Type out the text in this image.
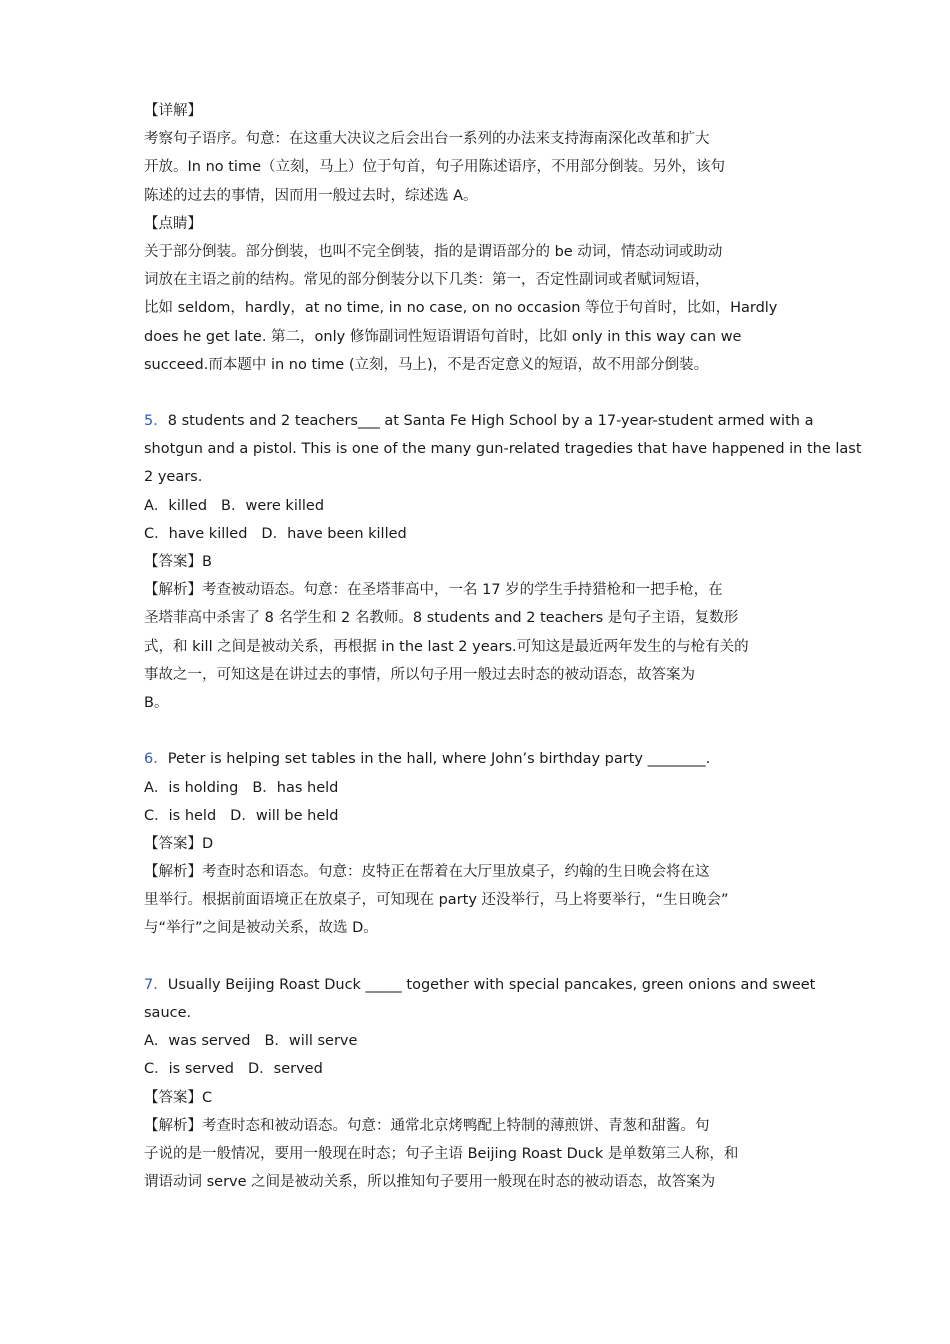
【详解】
考察句子语序。句意：在这重大决议之后会出台一系列的办法来支持海南深化改革和扩大
开放。In no time（立刻，马上）位于句首，句子用陈述语序，不用部分倒装。另外，该句
陈述的过去的事情，因而用一般过去时，综述选 A。
【点睛】
关于部分倒装。部分倒装，也叫不完全倒装，指的是谓语部分的 be 动词，情态动词或助动
词放在主语之前的结构。常见的部分倒装分以下几类：第一，否定性副词或者赋词短语，
比如 seldom，hardly，at no time, in no case, on no occasion 等位于句首时，比如，Hardly
does he get late. 第二，only 修饰副词性短语谓语句首时，比如 only in this way can we
succeed.而本题中 in no time (立刻，马上)，不是否定意义的短语，故不用部分倒装。
5．8 students and 2 teachers___ at Santa Fe High School by a 17-year-student armed with a
shotgun and a pistol. This is one of the many gun-related tragedies that have happened in the last
2 years.
A．killed B．were killed
C．have killed D．have been killed
【答案】B
【解析】考查被动语态。句意：在圣塔菲高中，一名 17 岁的学生手持猎枪和一把手枪，在
圣塔菲高中杀害了 8 名学生和 2 名教师。8 students and 2 teachers 是句子主语，复数形
式，和 kill 之间是被动关系，再根据 in the last 2 years.可知这是最近两年发生的与枪有关的
事故之一，可知这是在讲过去的事情，所以句子用一般过去时态的被动语态，故答案为
B。
6．Peter is helping set tables in the hall, where John’s birthday party ________.
A．is holding B．has held
C．is held D．will be held
【答案】D
【解析】考查时态和语态。句意：皮特正在帮着在大厅里放桌子，约翰的生日晚会将在这
里举行。根据前面语境正在放桌子，可知现在 party 还没举行，马上将要举行，“生日晚会”
与“举行”之间是被动关系，故选 D。
7．Usually Beijing Roast Duck _____ together with special pancakes, green onions and sweet
sauce.
A．was served B．will serve
C．is served D．served
【答案】C
【解析】考查时态和被动语态。句意：通常北京烤鸭配上特制的薄煎饼、青葱和甜酱。句
子说的是一般情况，要用一般现在时态；句子主语 Beijing Roast Duck 是单数第三人称，和
谓语动词 serve 之间是被动关系，所以推知句子要用一般现在时态的被动语态，故答案为
